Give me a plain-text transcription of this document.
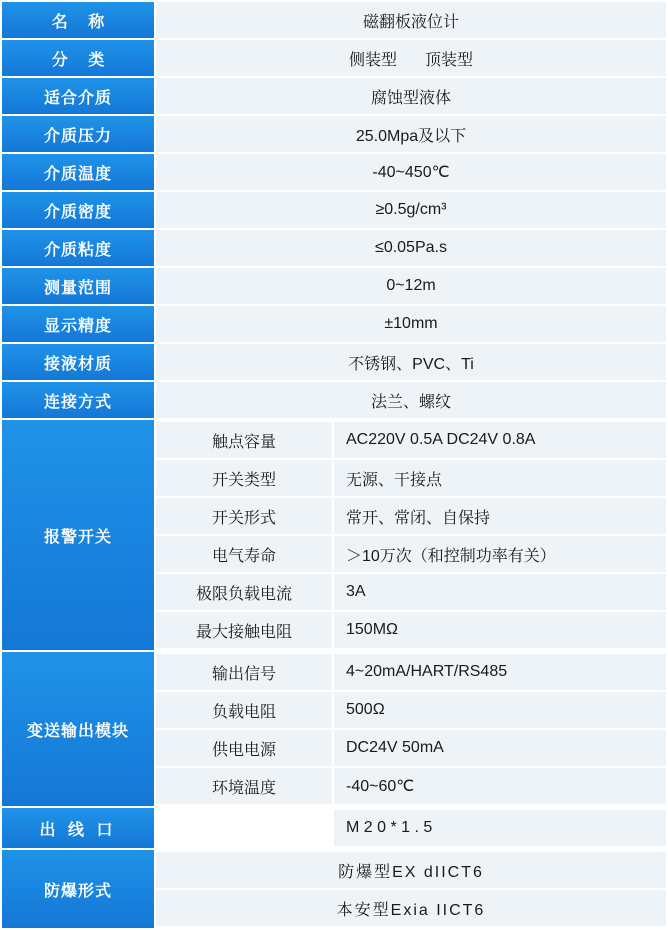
名 称	磁翻板液位计
分 类	侧装型 顶装型
适合介质	腐蚀型液体
介质压力	25.0Mpa及以下
介质温度	-40~450℃
介质密度	≥0.5g/cm³
介质粘度	≤0.05Pa.s
测量范围	0~12m
显示精度	±10mm
接液材质	不锈钢、PVC、Ti
连接方式	法兰、螺纹
报警开关	
触点容量		AC220V 0.5A DC24V 0.8A
开关类型		无源、干接点
开关形式		常开、常闭、自保持
电气寿命		＞10万次（和控制功率有关）
极限负载电流		3A
最大接触电阻		150MΩ

变送输出模块	
输出信号		4~20mA/HART/RS485
负载电阻		500Ω
供电电源		DC24V 50mA
环境温度		-40~60℃

出 线 口	
			M 2 0 * 1 . 5

防爆形式	
防爆型EX dIICT6
本安型Exia IICT6
